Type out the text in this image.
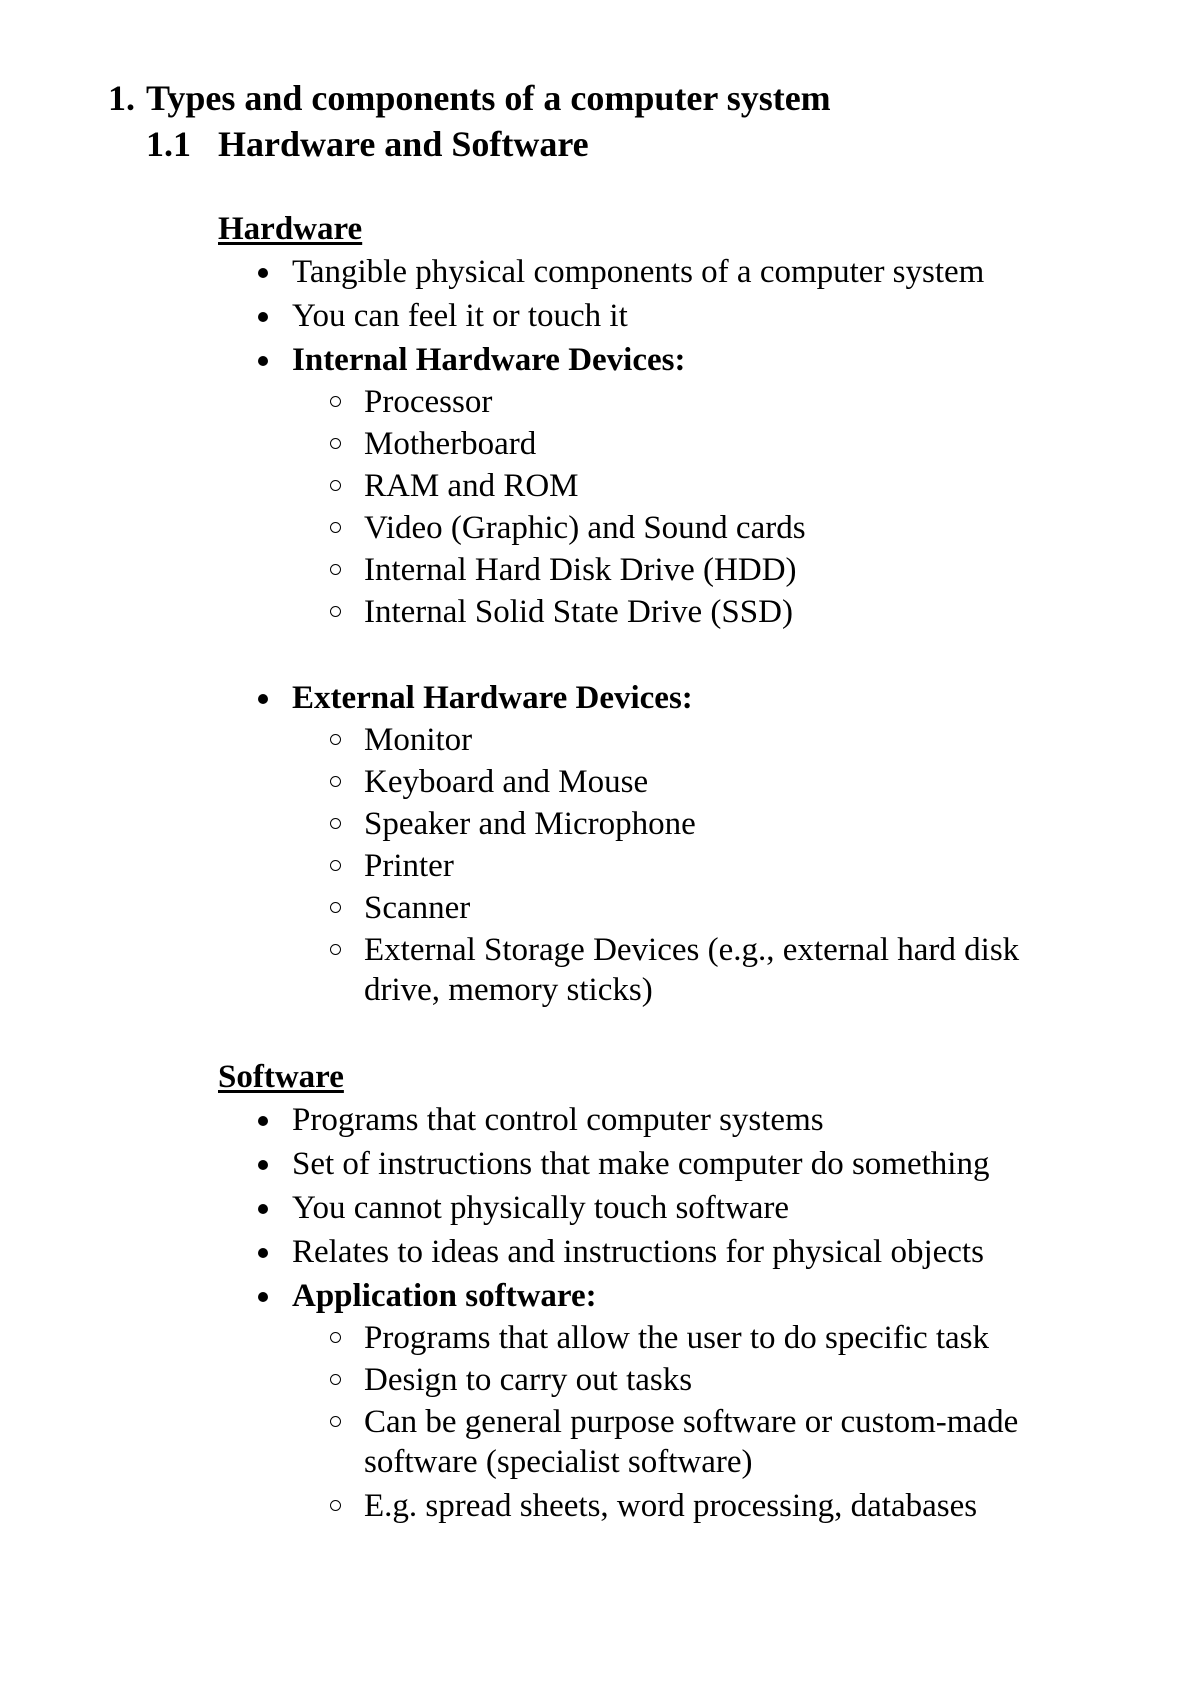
1. Types and components of a computer system
1.1 Hardware and Software
Hardware
Tangible physical components of a computer system
You can feel it or touch it
Internal Hardware Devices:
Processor
Motherboard
RAM and ROM
Video (Graphic) and Sound cards
Internal Hard Disk Drive (HDD)
Internal Solid State Drive (SSD)
External Hardware Devices:
Monitor
Keyboard and Mouse
Speaker and Microphone
Printer
Scanner
External Storage Devices (e.g., external hard disk
drive, memory sticks)
Software
Programs that control computer systems
Set of instructions that make computer do something
You cannot physically touch software
Relates to ideas and instructions for physical objects
Application software:
Programs that allow the user to do specific task
Design to carry out tasks
Can be general purpose software or custom-made
software (specialist software)
E.g. spread sheets, word processing, databases
